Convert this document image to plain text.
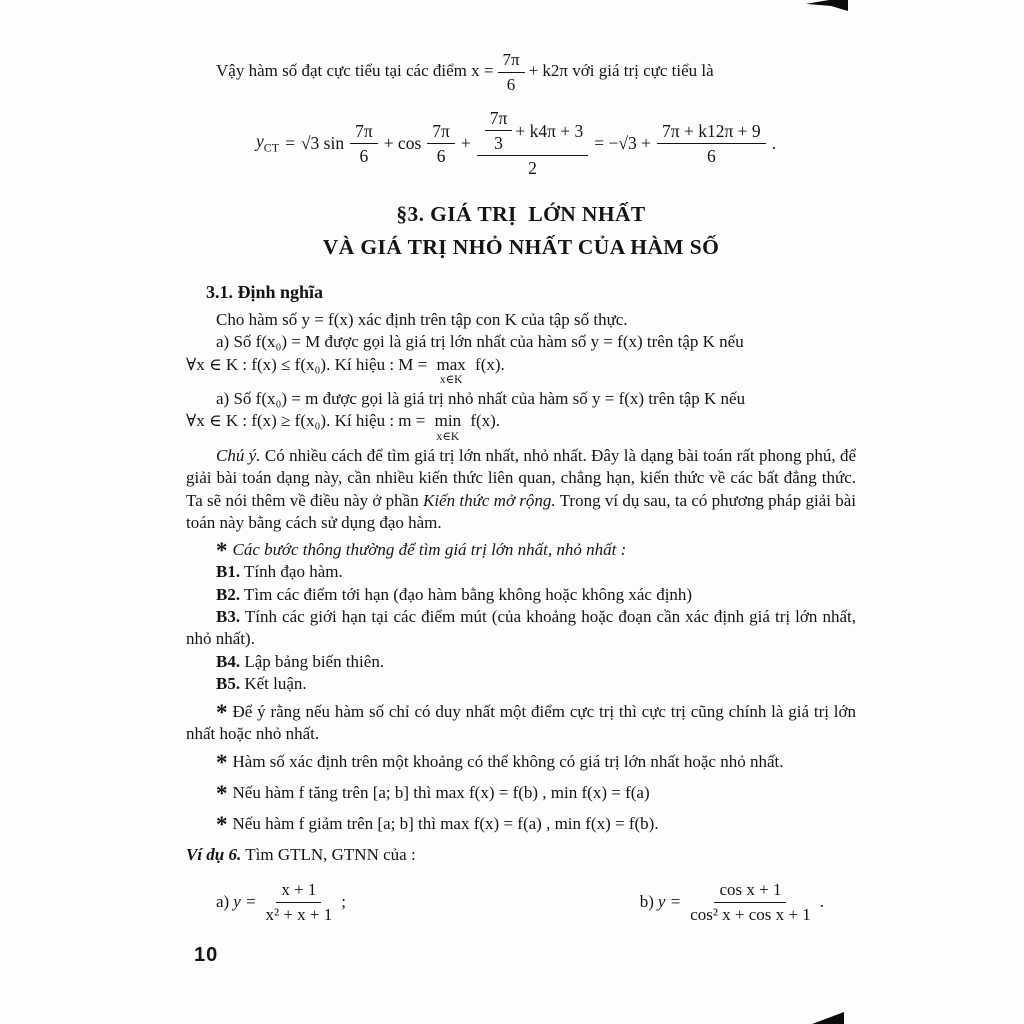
Vậy hàm số đạt cực tiểu tại các điểm $x = \frac{7\pi}{6} + k2\pi$ với giá trị cực tiểu là

$y_{CT} = √3$ $\sin \frac{7\pi}{6} + \cos \frac{7\pi}{6} + \frac{\frac{7\pi}{3} + k4\pi + 3}{2} = -√3 + \frac{7\pi + k12\pi + 9}{6}$ .
§3. GIÁ TRỊ  LỚN NHẤT
VÀ GIÁ TRỊ NHỎ NHẤT CỦA HÀM SỐ

3.1. Định nghĩa

Cho hàm số y = f(x) xác định trên tập con K của tập số thực.

a) Số f(x₀) = M được gọi là giá trị lớn nhất của hàm số y = f(x) trên tập K nếu

∀x ∈ K : f(x) ≤ f(x₀). Kí hiệu : M = max
x∈K
f(x).

a) Số f(x₀) = m được gọi là giá trị nhỏ nhất của hàm số y = f(x) trên tập K nếu

∀x ∈ K : f(x) ≥ f(x₀). Kí hiệu : m = min
x∈K
f(x).

Chú ý. Có nhiều cách để tìm giá trị lớn nhất, nhỏ nhất. Đây là dạng bài toán rất phong phú, để giải bài toán dạng này, cần nhiều kiến thức liên quan, chẳng hạn, kiến thức về các bất đẳng thức. Ta sẽ nói thêm về điều này ở phần Kiến thức mở rộng. Trong ví dụ sau, ta có phương pháp giải bài toán này bằng cách sử dụng đạo hàm.

* Các bước thông thường để tìm giá trị lớn nhất, nhỏ nhất :

B1. Tính đạo hàm.

B2. Tìm các điểm tới hạn (đạo hàm bằng không hoặc không xác định)

B3. Tính các giới hạn tại các điểm mút (của khoảng hoặc đoạn cần xác định giá trị lớn nhất, nhỏ nhất).

B4. Lập bảng biến thiên.

B5. Kết luận.

* Để ý rằng nếu hàm số chỉ có duy nhất một điểm cực trị thì cực trị cũng chính là giá trị lớn nhất hoặc nhỏ nhất.

* Hàm số xác định trên một khoảng có thể không có giá trị lớn nhất hoặc nhỏ nhất.

* Nếu hàm f tăng trên [a; b] thì max f(x) = f(b) , min f(x) = f(a)

* Nếu hàm f giảm trên [a; b] thì max f(x) = f(a) , min f(x) = f(b).

Ví dụ 6. Tìm GTLN, GTNN của :

a) $y = \frac{x + 1}{\text{x² + x + 1}}$ ;	b) $y = \frac{\text{cos x + 1}}{\text{cos² x + cos x + 1}}$ .
10
